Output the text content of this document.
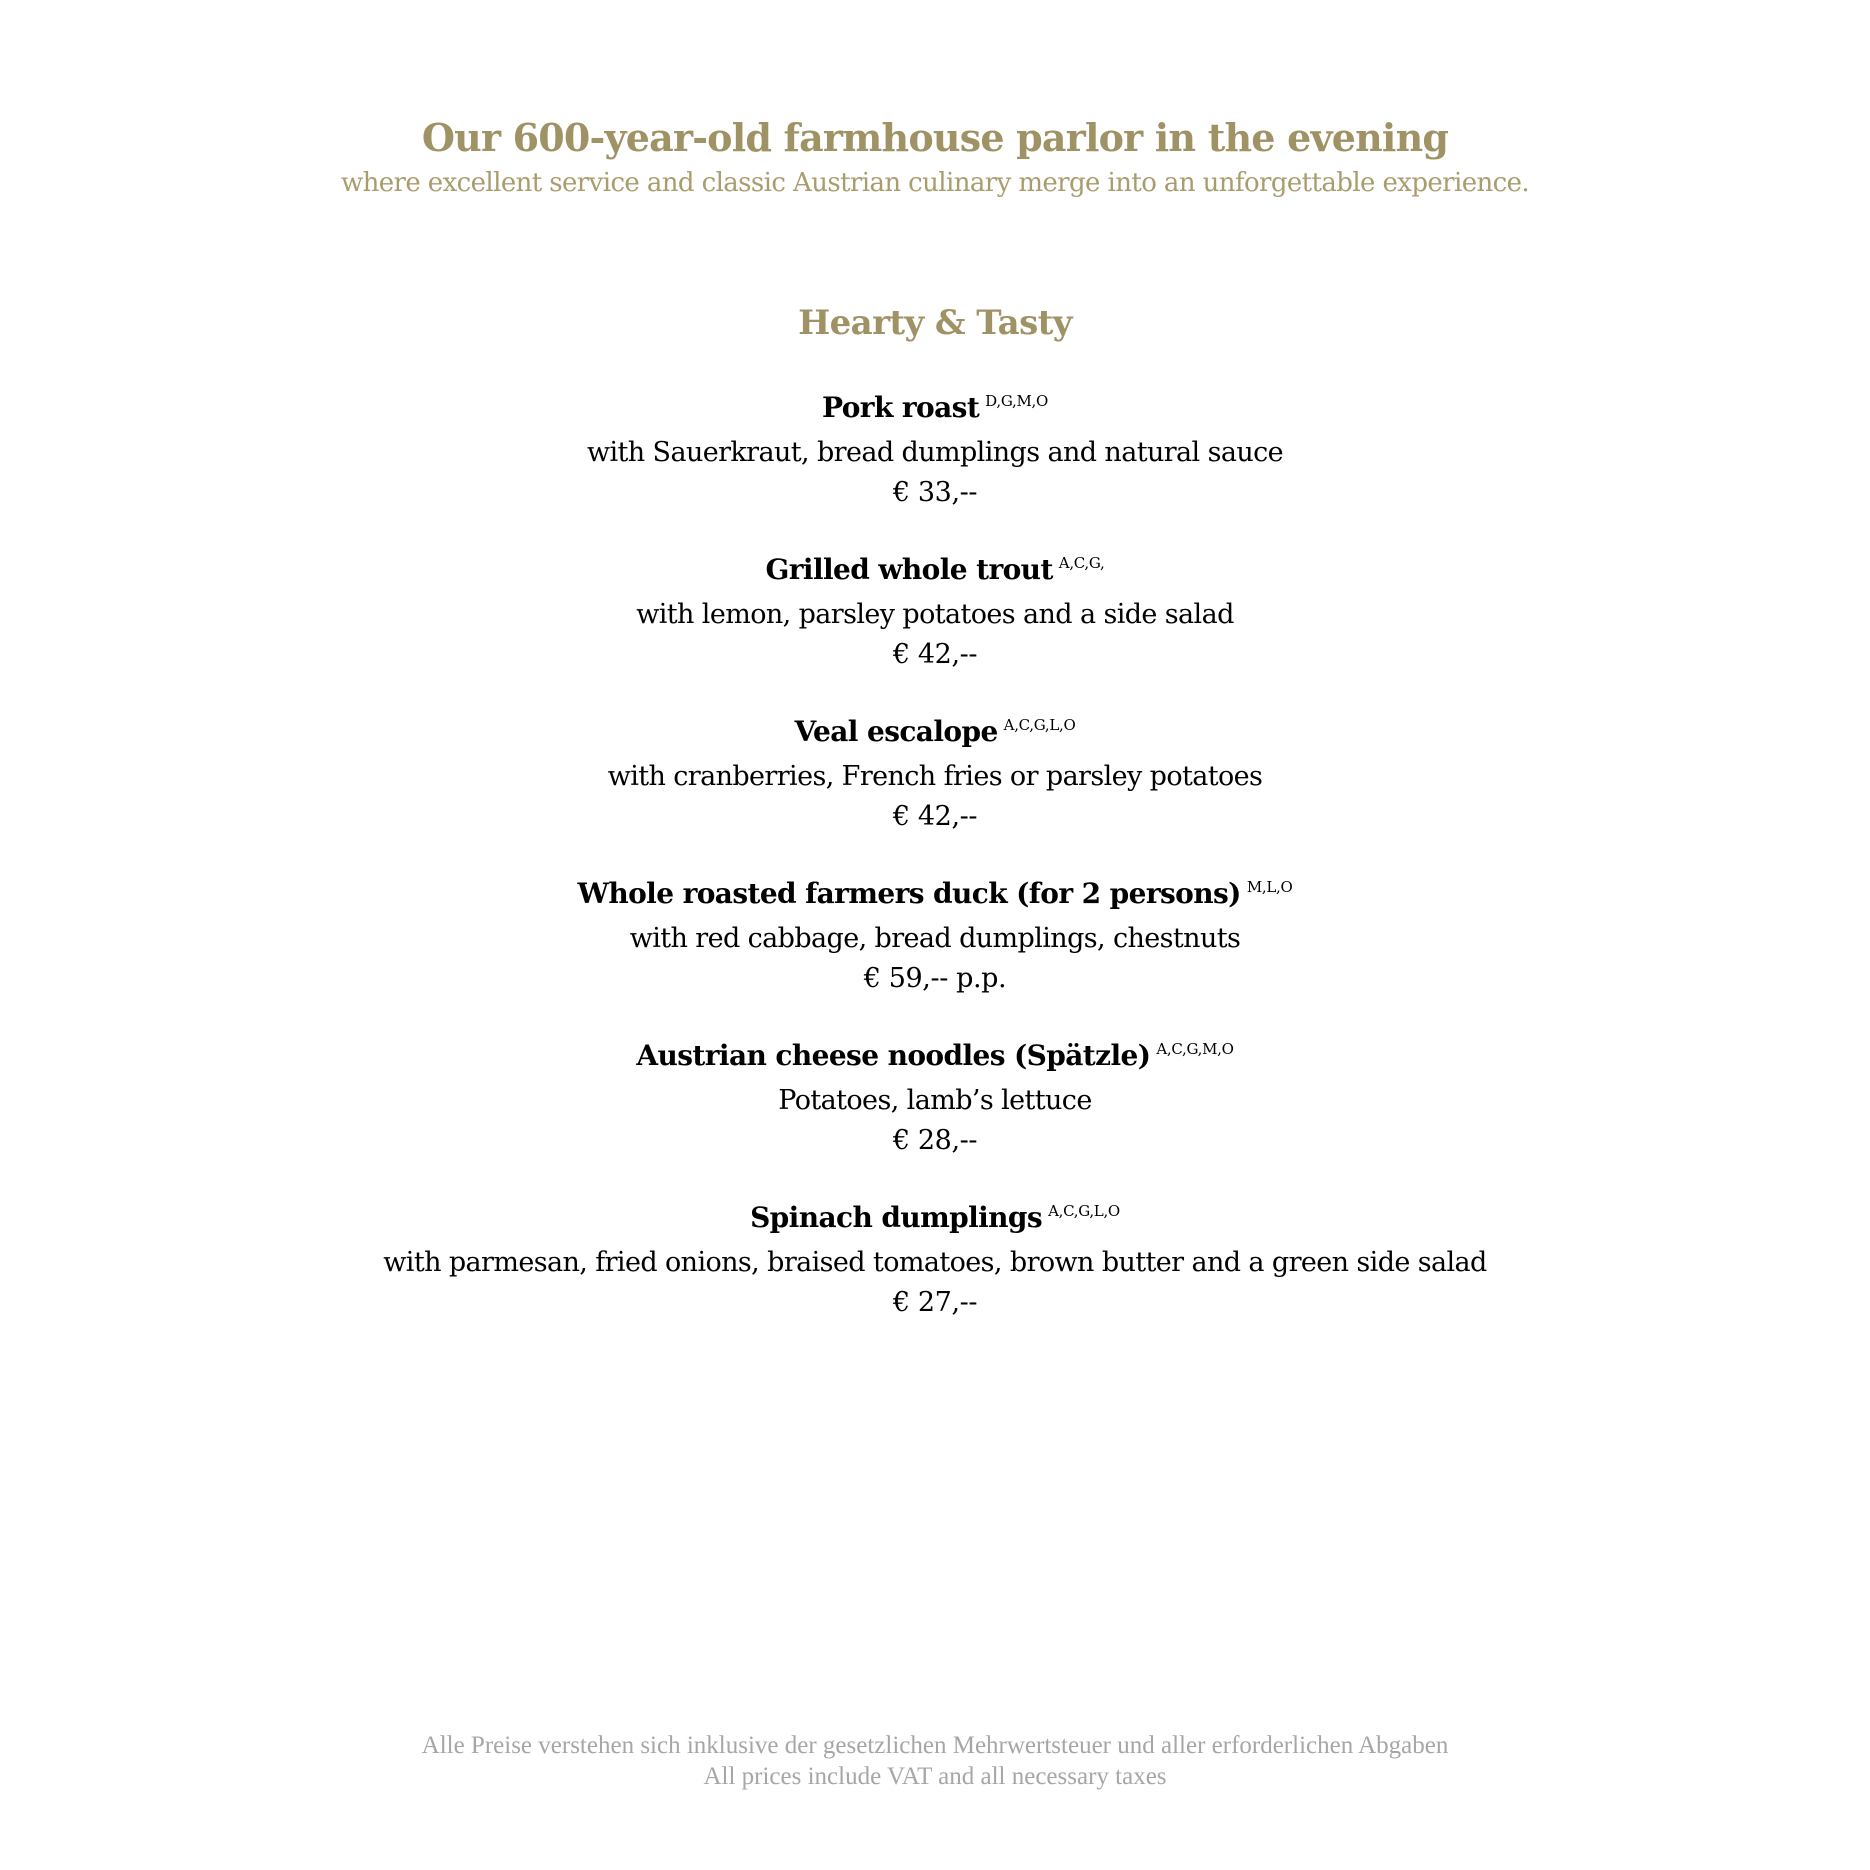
Our 600-year-old farmhouse parlor in the evening
where excellent service and classic Austrian culinary merge into an unforgettable experience.
Hearty & Tasty
Pork roast D,G,M,O
with Sauerkraut, bread dumplings and natural sauce
€ 33,--
Grilled whole trout A,C,G,
with lemon, parsley potatoes and a side salad
€ 42,--
Veal escalope A,C,G,L,O
with cranberries, French fries or parsley potatoes
€ 42,--
Whole roasted farmers duck (for 2 persons) M,L,O
with red cabbage, bread dumplings, chestnuts
€ 59,-- p.p.
Austrian cheese noodles (Spätzle) A,C,G,M,O
Potatoes, lamb’s lettuce
€ 28,--
Spinach dumplings A,C,G,L,O
with parmesan, fried onions, braised tomatoes, brown butter and a green side salad
€ 27,--
Alle Preise verstehen sich inklusive der gesetzlichen Mehrwertsteuer und aller erforderlichen Abgaben
All prices include VAT and all necessary taxes
